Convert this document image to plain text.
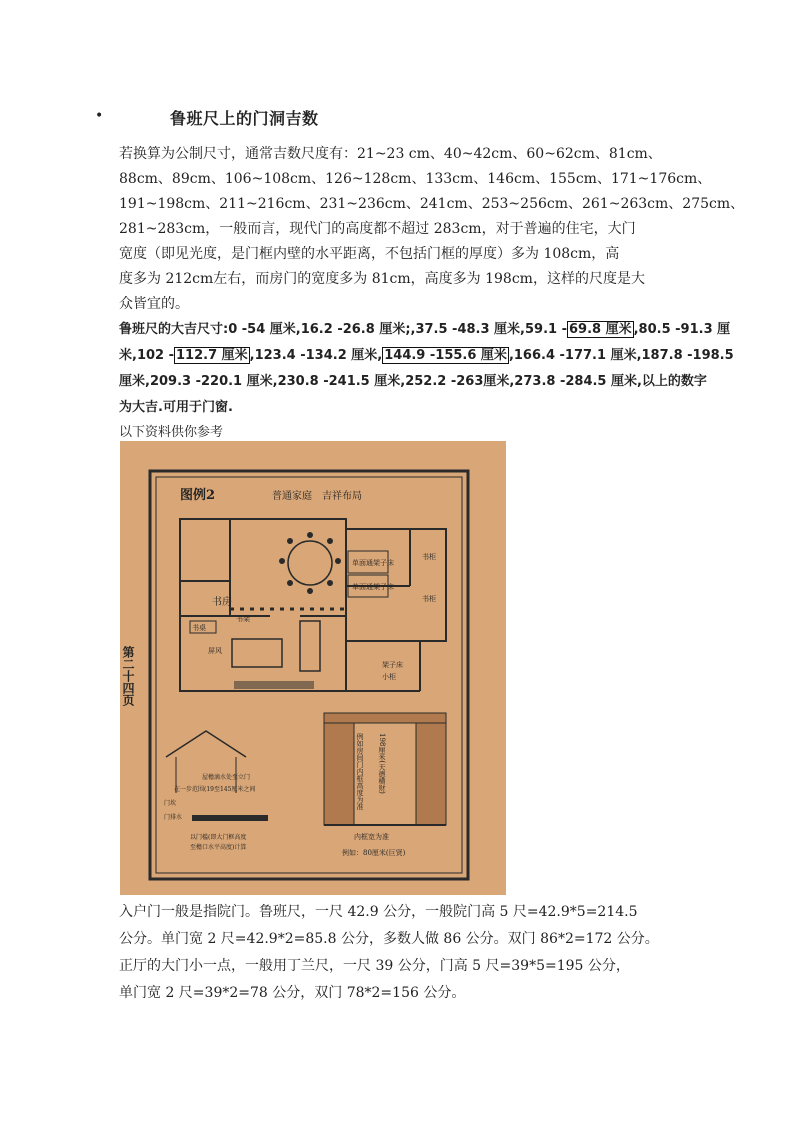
•	鲁班尺上的门洞吉数
若换算为公制尺寸，通常吉数尺度有：21~23 cm、40~42cm、60~62cm、81cm、
88cm、89cm、106~108cm、126~128cm、133cm、146cm、155cm、171~176cm、
191~198cm、211~216cm、231~236cm、241cm、253~256cm、261~263cm、275cm、
281~283cm，一般而言，现代门的高度都不超过 283cm，对于普遍的住宅，大门
宽度（即见光度，是门框内壁的水平距离，不包括门框的厚度）多为 108cm，高
度多为 212cm左右，而房门的宽度多为 81cm，高度多为 198cm，这样的尺度是大
众皆宜的。
鲁班尺的大吉尺寸:0 -54 厘米,16.2 -26.8 厘米;,37.5 -48.3 厘米,59.1 - 69.8 厘米 ,80.5 -91.3 厘
米,102 - 112.7 厘米 ,123.4 -134.2 厘米, 144.9 -155.6 厘米 ,166.4 -177.1 厘米,187.8 -198.5
厘米,209.3 -220.1 厘米,230.8 -241.5 厘米,252.2 -263厘米,273.8 -284.5 厘米,以上的数字
为大吉.可用于门窗.
以下资料供你参考
图例2	普通家庭　吉祥布局
第二十四页
单面通架子床
单面通架子床
架子床
小柜
书柜
书柜
书房
书桌
书架
屏风
屋檐滴水处至立门
在一步范围(19至145厘米之间
门坎
门排水
以门槛(即大门框高度
至檐口水平高度)计算
例如房间门内框高度为准 198厘米(天德横财)
内框宽为准
例如：80厘米(巨贤)
入户门一般是指院门。鲁班尺，一尺 42.9 公分，一般院门高 5 尺=42.9*5=214.5
公分。单门宽 2 尺=42.9*2=85.8 公分，多数人做 86 公分。双门 86*2=172 公分。
正厅的大门小一点，一般用丁兰尺，一尺 39 公分，门高 5 尺=39*5=195 公分，
单门宽 2 尺=39*2=78 公分，双门 78*2=156 公分。
